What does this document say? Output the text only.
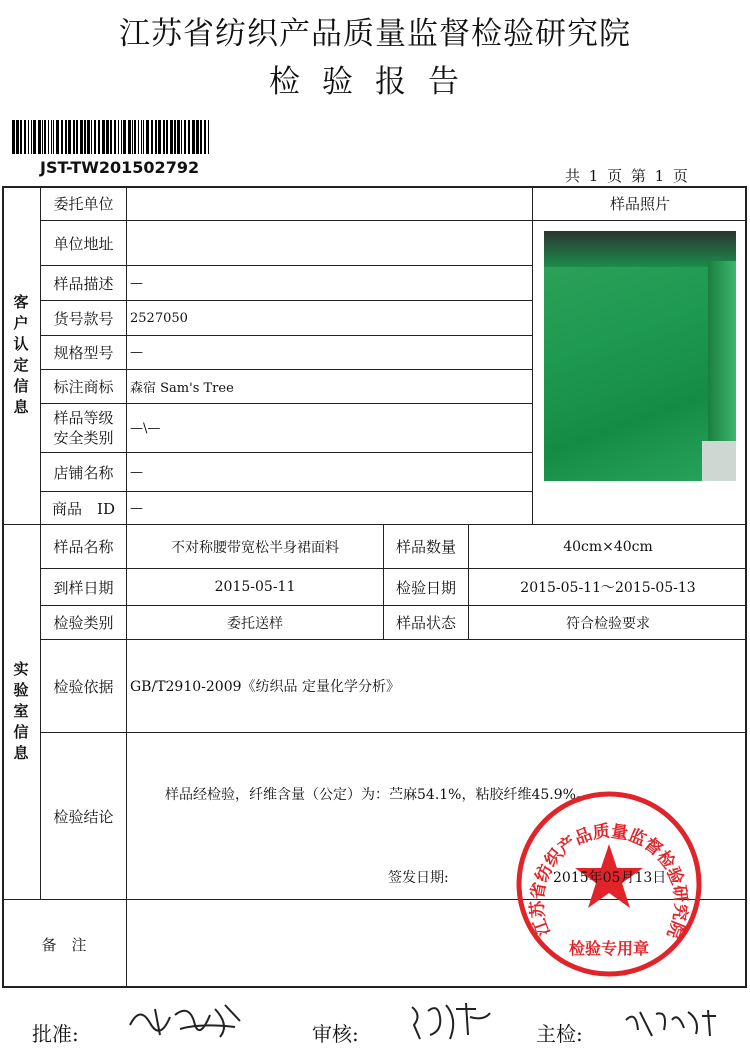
江苏省纺织产品质量监督检验研究院
检验报告
JST-TW201502792	共 1 页 第 1 页
客
户
认
定
信
息
委托单位
单位地址
样品描述	—
货号款号	2527050
规格型号	—
标注商标	森宿 Sam's Tree
样品等级
安全类别
—\—
店铺名称	—
商品　ID	—
样品照片
实
验
室
信
息
样品名称	不对称腰带宽松半身裙面料	样品数量	40cm×40cm
到样日期	2015-05-11	检验日期	2015-05-11～2015-05-13
检验类别	委托送样	样品状态	符合检验要求
检验依据	GB/T2910-2009《纺织品 定量化学分析》
检验结论
样品经检验，纤维含量（公定）为：苎麻54.1%，粘胶纤维45.9%。
江苏省纺织产品质量监督检验研究院
检验专用章
签发日期:	2015年05月13日
备　注
批准:	审核:	主检:
